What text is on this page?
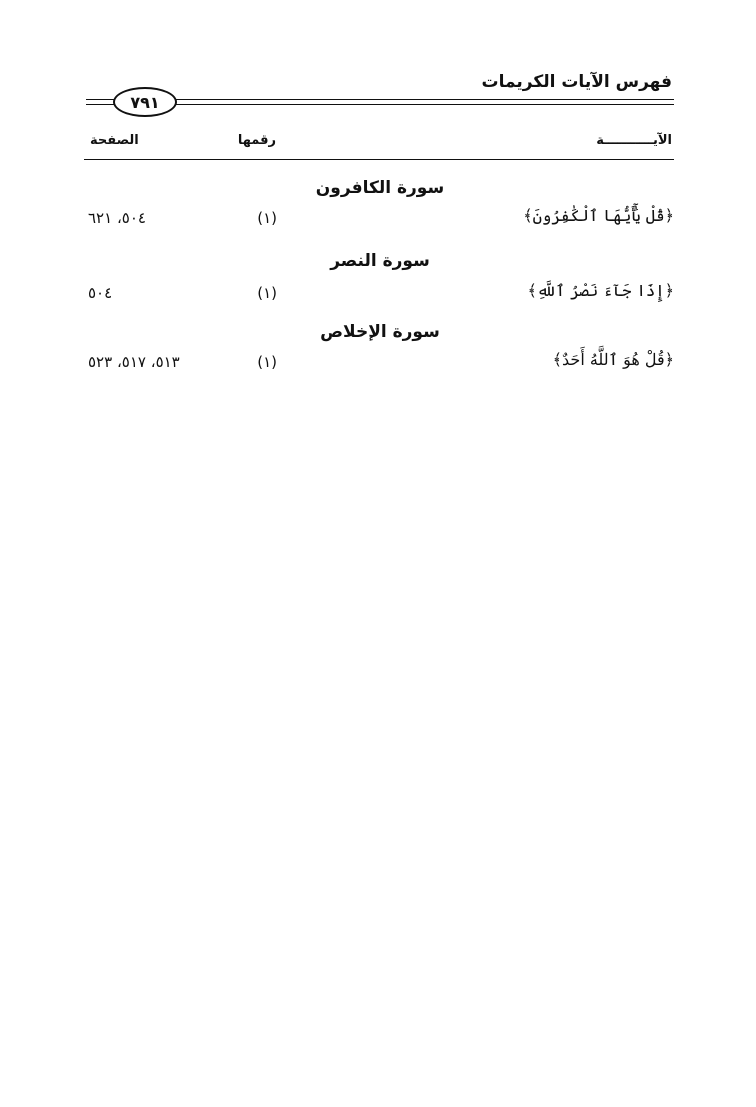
فهرس الآيات الكريمات
٧٩١
الآيـــــــــــة
رقمها
الصفحة
سورة الكافرون
﴿قُلْ يَٰٓأَيُّهَا ٱلْكَٰفِرُونَ﴾
(١)
٥٠٤، ٦٢١
سورة النصر
﴿إِذَا جَآءَ نَصْرُ ٱللَّهِ﴾
(١)
٥٠٤
سورة الإخلاص
﴿قُلْ هُوَ ٱللَّهُ أَحَدٌ﴾
(١)
٥١٣، ٥١٧، ٥٢٣
